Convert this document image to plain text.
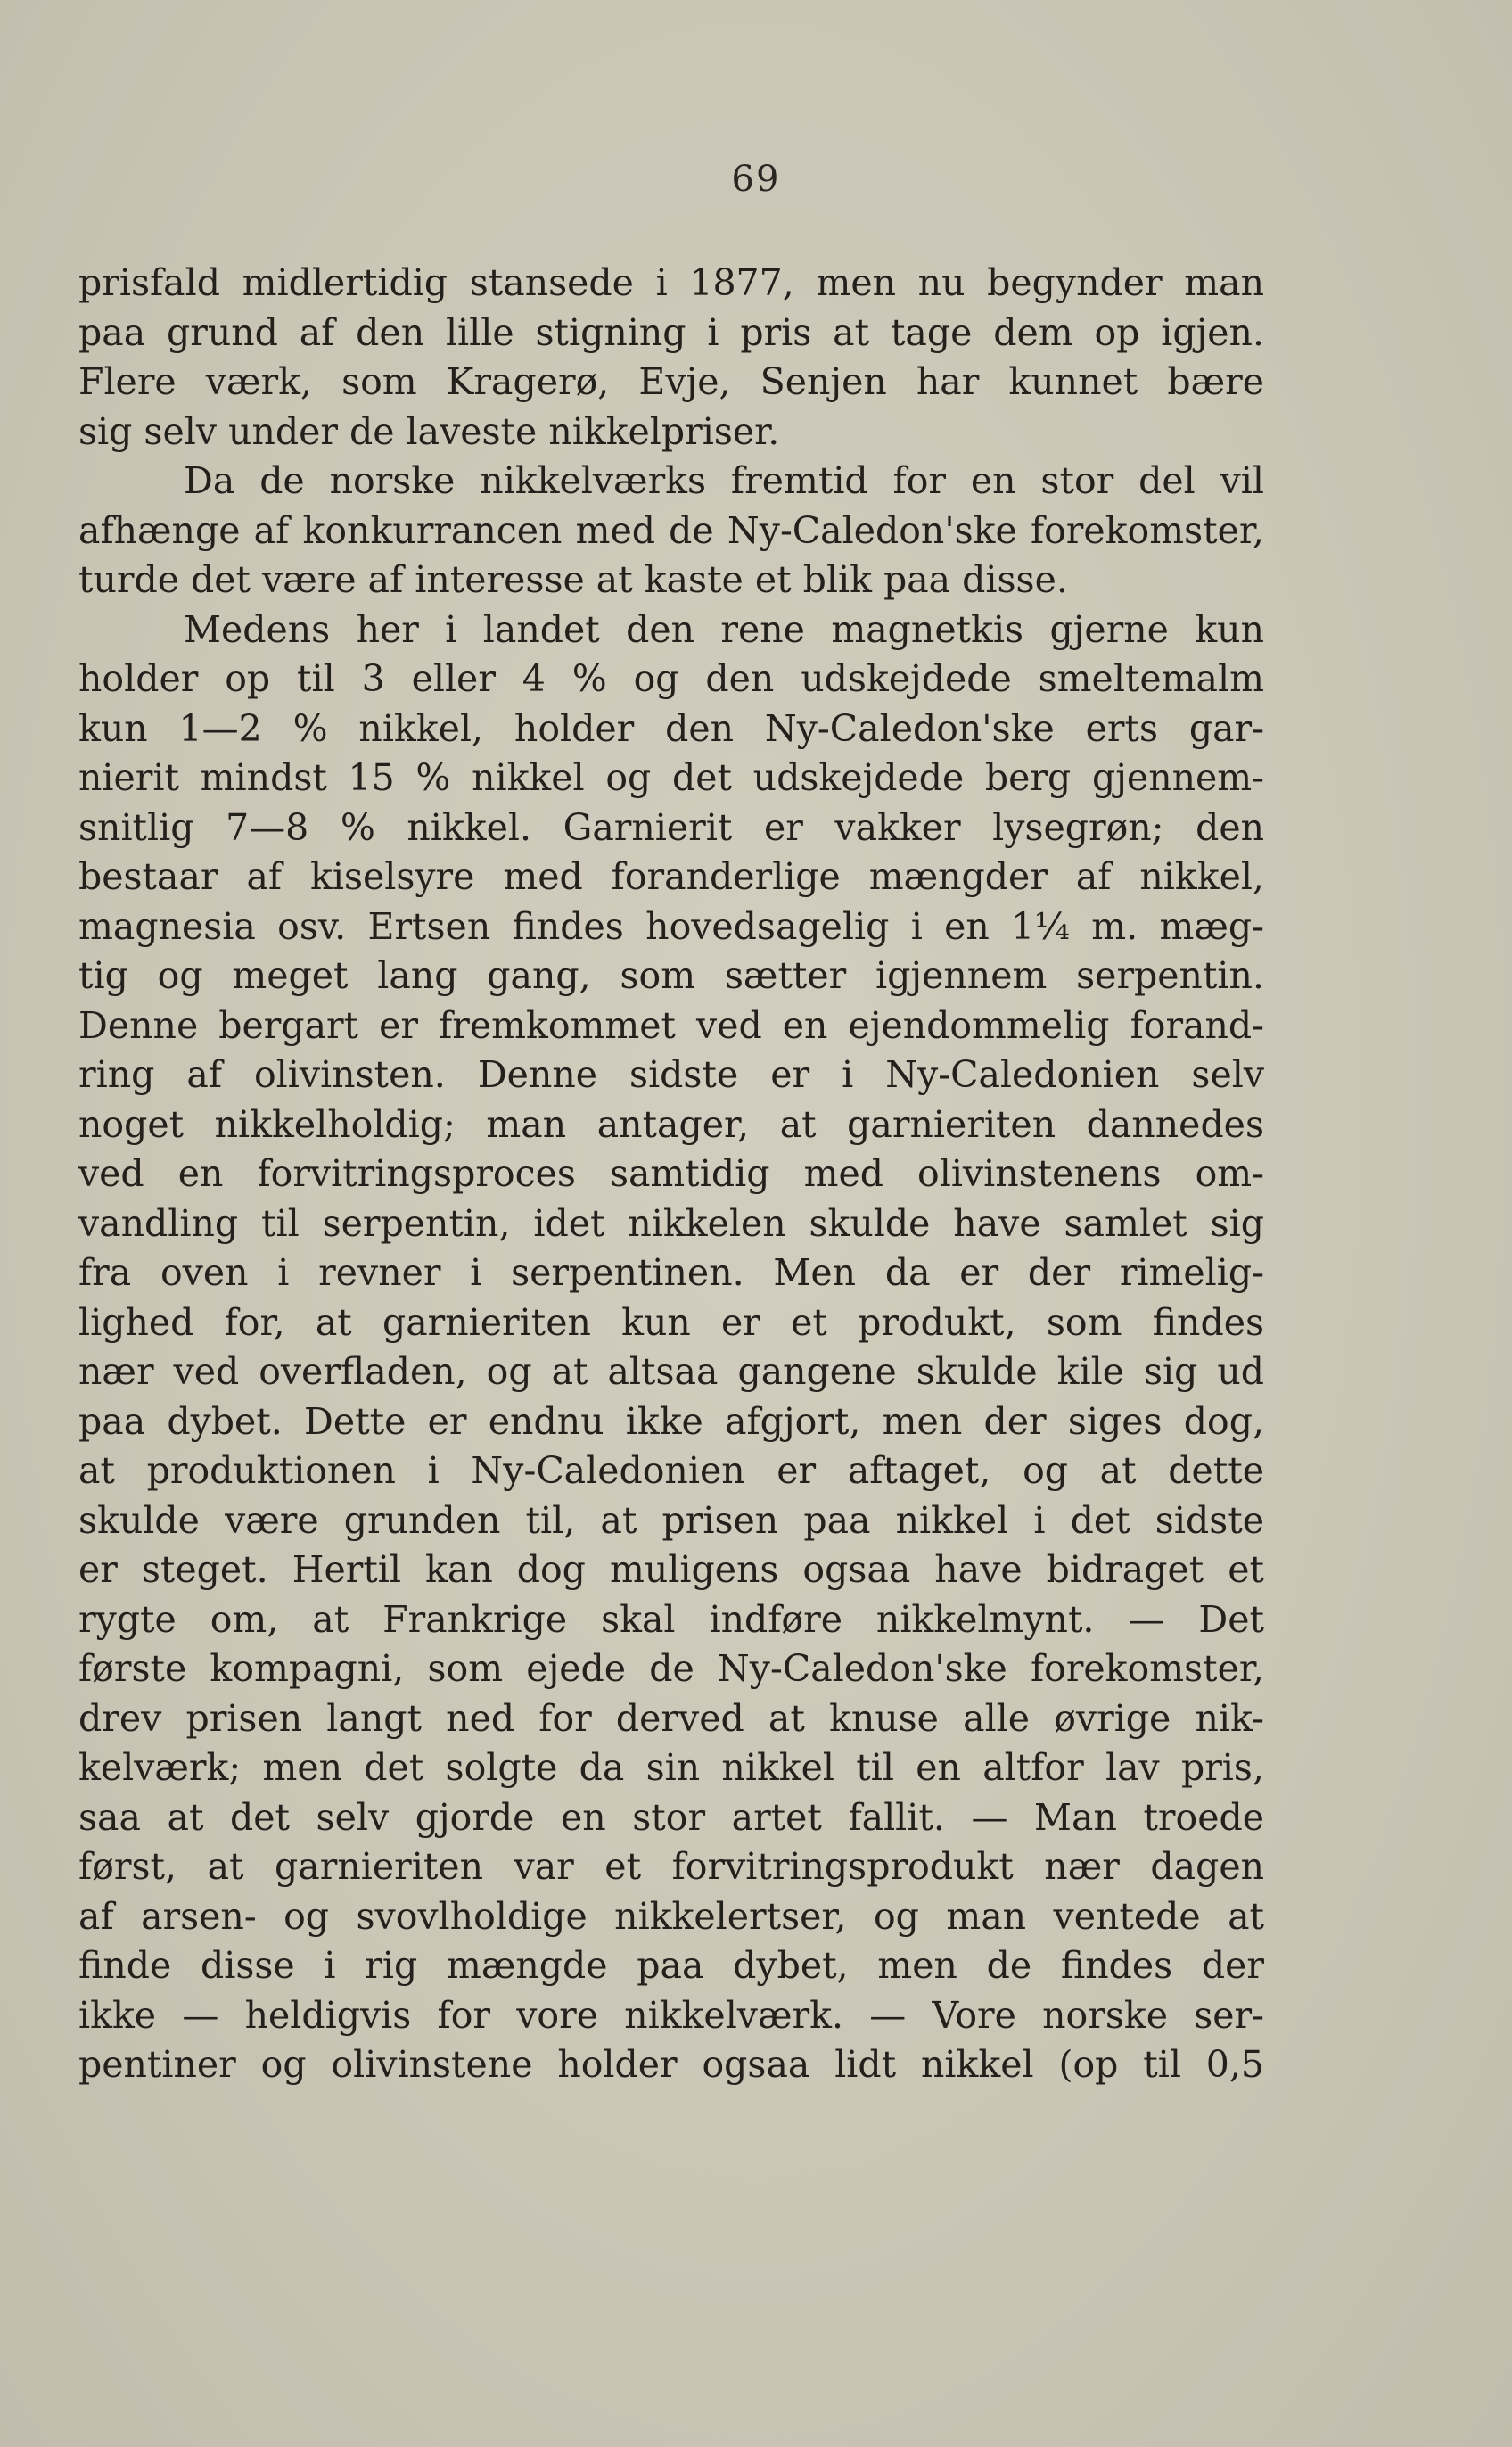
69
prisfald midlertidig stansede i 1877, men nu begynder man
paa grund af den lille stigning i pris at tage dem op igjen.
Flere værk, som Kragerø, Evje, Senjen har kunnet bære
sig selv under de laveste nikkelpriser.
Da de norske nikkelværks fremtid for en stor del vil
afhænge af konkurrancen med de Ny-Caledon'ske forekomster,
turde det være af interesse at kaste et blik paa disse.
Medens her i landet den rene magnetkis gjerne kun
holder op til 3 eller 4 % og den udskejdede smeltemalm
kun 1—2 % nikkel, holder den Ny-Caledon'ske erts gar-
nierit mindst 15 % nikkel og det udskejdede berg gjennem-
snitlig 7—8 % nikkel. Garnierit er vakker lysegrøn; den
bestaar af kiselsyre med foranderlige mængder af nikkel,
magnesia osv. Ertsen findes hovedsagelig i en 1¼ m. mæg-
tig og meget lang gang, som sætter igjennem serpentin.
Denne bergart er fremkommet ved en ejendommelig forand-
ring af olivinsten. Denne sidste er i Ny-Caledonien selv
noget nikkelholdig; man antager, at garnieriten dannedes
ved en forvitringsproces samtidig med olivinstenens om-
vandling til serpentin, idet nikkelen skulde have samlet sig
fra oven i revner i serpentinen. Men da er der rimelig-
lighed for, at garnieriten kun er et produkt, som findes
nær ved overfladen, og at altsaa gangene skulde kile sig ud
paa dybet. Dette er endnu ikke afgjort, men der siges dog,
at produktionen i Ny-Caledonien er aftaget, og at dette
skulde være grunden til, at prisen paa nikkel i det sidste
er steget. Hertil kan dog muligens ogsaa have bidraget et
rygte om, at Frankrige skal indføre nikkelmynt. — Det
første kompagni, som ejede de Ny-Caledon'ske forekomster,
drev prisen langt ned for derved at knuse alle øvrige nik-
kelværk; men det solgte da sin nikkel til en altfor lav pris,
saa at det selv gjorde en stor artet fallit. — Man troede
først, at garnieriten var et forvitringsprodukt nær dagen
af arsen- og svovlholdige nikkelertser, og man ventede at
finde disse i rig mængde paa dybet, men de findes der
ikke — heldigvis for vore nikkelværk. — Vore norske ser-
pentiner og olivinstene holder ogsaa lidt nikkel (op til 0,5
